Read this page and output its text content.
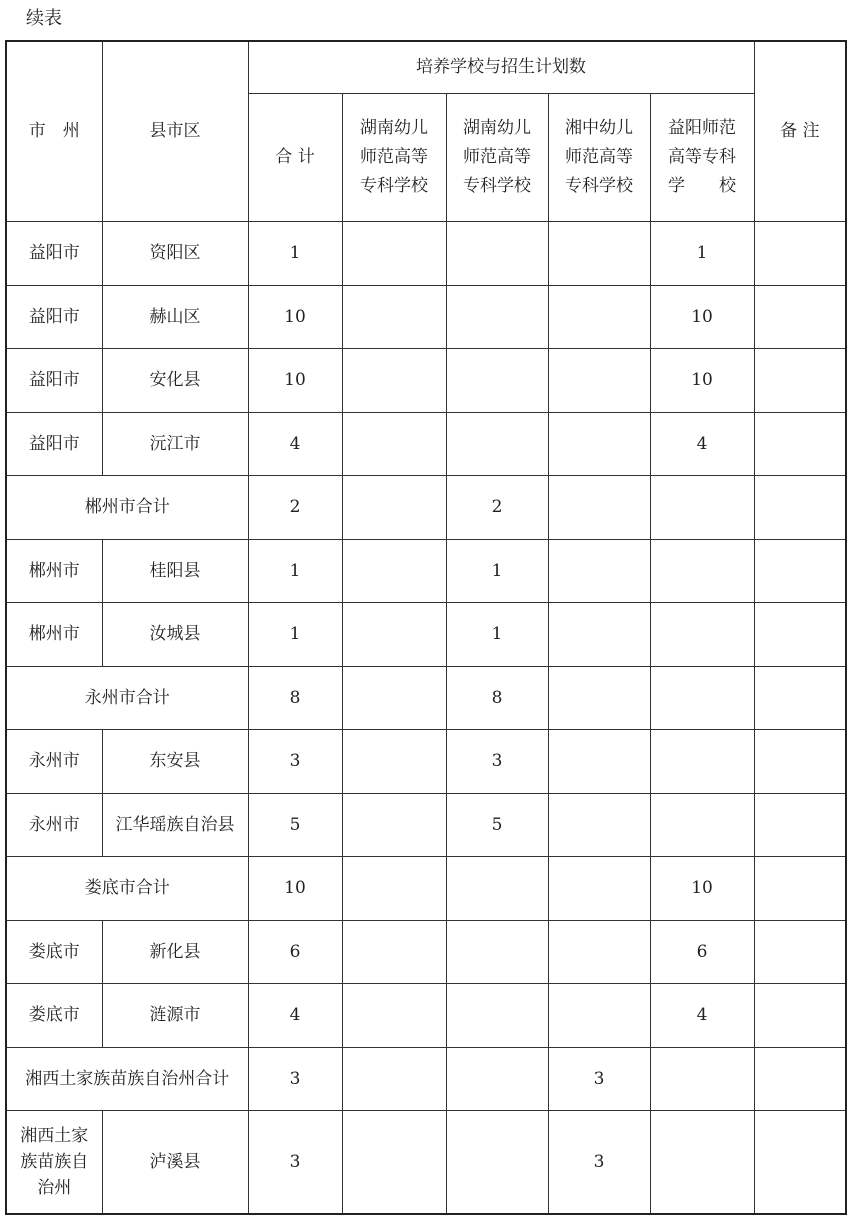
续表
市　州	县市区	培养学校与招生计划数					备 注
		合 计	湖南幼儿
师范高等
专科学校	湖南幼儿
师范高等
专科学校	湘中幼儿
师范高等
专科学校	益阳师范
高等专科
学　　校	
益阳市	资阳区	1				1	
益阳市	赫山区	10				10	
益阳市	安化县	10				10	
益阳市	沅江市	4				4	
郴州市合计		2		2			
郴州市	桂阳县	1		1			
郴州市	汝城县	1		1			
永州市合计		8		8			
永州市	东安县	3		3			
永州市	江华瑶族自治县	5		5			
娄底市合计		10				10	
娄底市	新化县	6				6	
娄底市	涟源市	4				4	
湘西土家族苗族自治州合计		3			3		
湘西土家
族苗族自
治州	泸溪县	3			3		
